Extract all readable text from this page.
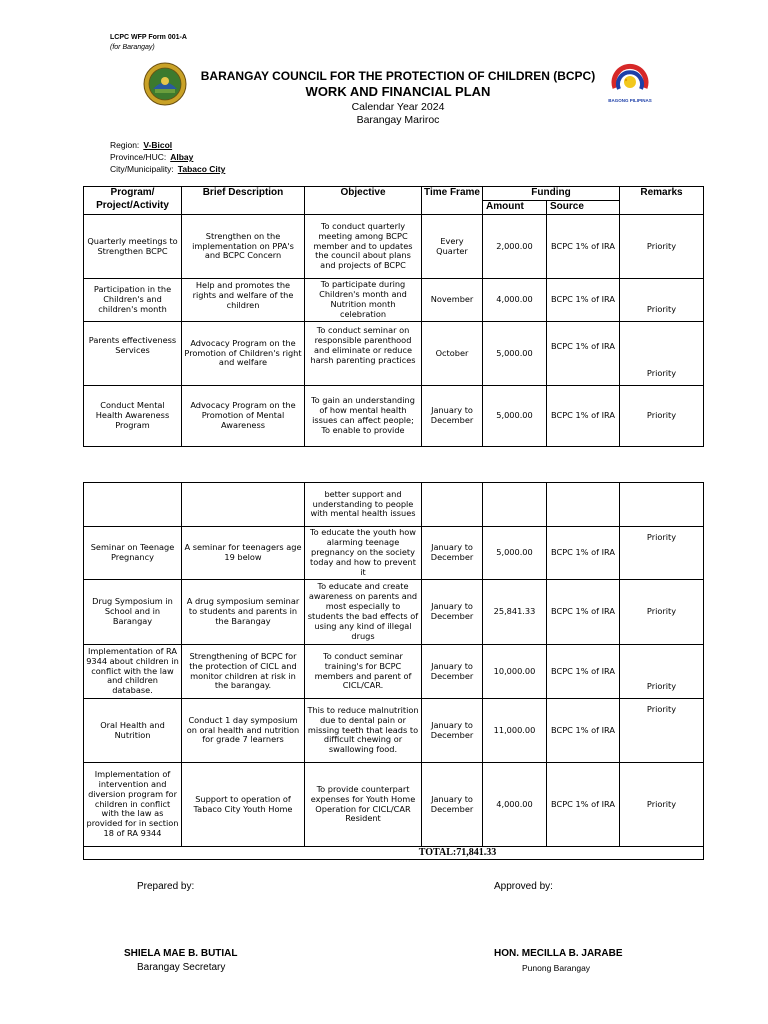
LCPC WFP Form 001-A
(for Barangay)
BAGONG PILIPINAS
BARANGAY COUNCIL FOR THE PROTECTION OF CHILDREN (BCPC)
WORK AND FINANCIAL PLAN
Calendar Year 2024
Barangay Mariroc
Region: V-Bicol
Province/HUC: Albay
City/Municipality: Tabaco City
Program/ Project/Activity	Brief Description	Objective	Time Frame	Funding		Remarks
				Amount	Source	
Quarterly meetings to Strengthen BCPC	Strengthen on the implementation on PPA's and BCPC Concern	To conduct quarterly meeting among BCPC member and to updates the council about plans and projects of BCPC	Every Quarter	2,000.00	BCPC 1% of IRA	Priority
Participation in the Children's and children's month	Help and promotes the rights and welfare of the children	To participate during Children's month and Nutrition month celebration	November	4,000.00	BCPC 1% of IRA	Priority
Parents effectiveness Services	Advocacy Program on the Promotion of Children's right and welfare	To conduct seminar on responsible parenthood and eliminate or reduce harsh parenting practices	October	5,000.00	BCPC 1% of IRA	Priority
Conduct Mental Health Awareness Program	Advocacy Program on the Promotion of Mental Awareness	To gain an understanding of how mental health issues can affect people; To enable to provide	January to December	5,000.00	BCPC 1% of IRA	Priority
		better support and understanding to people with mental health issues				
Seminar on Teenage Pregnancy	A seminar for teenagers age 19 below	To educate the youth how alarming teenage pregnancy on the society today and how to prevent it	January to December	5,000.00	BCPC 1% of IRA	Priority
Drug Symposium in School and in Barangay	A drug symposium seminar to students and parents in the Barangay	To educate and create awareness on parents and most especially to students the bad effects of using any kind of illegal drugs	January to December	25,841.33	BCPC 1% of IRA	Priority
Implementation of RA 9344 about children in conflict with the law and children database.	Strengthening of BCPC for the protection of CICL and monitor children at risk in the barangay.	To conduct seminar training's for BCPC members and parent of CICL/CAR.	January to December	10,000.00	BCPC 1% of IRA	Priority
Oral Health and Nutrition	Conduct 1 day symposium on oral health and nutrition for grade 7 learners	This to reduce malnutrition due to dental pain or missing teeth that leads to difficult chewing or swallowing food.	January to December	11,000.00	BCPC 1% of IRA	Priority
Implementation of intervention and diversion program for children in conflict with the law as provided for in section 18 of RA 9344	Support to operation of Tabaco City Youth Home	To provide counterpart expenses for Youth Home Operation for CICL/CAR Resident	January to December	4,000.00	BCPC 1% of IRA	Priority
TOTAL:71,841.33						
Prepared by:	Approved by:
SHIELA MAE B. BUTIAL
Barangay Secretary
HON. MECILLA B. JARABE
Punong Barangay
